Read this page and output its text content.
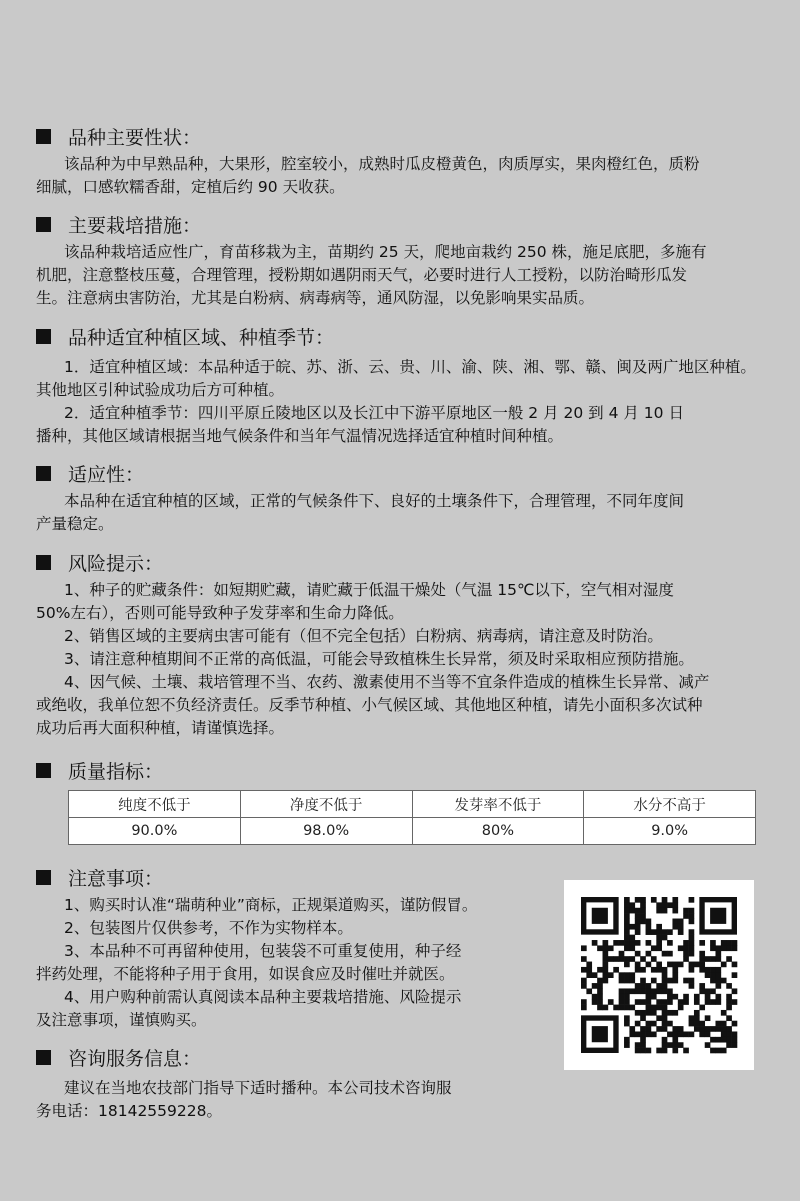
品种主要性状：

该品种为中早熟品种，大果形，腔室较小，成熟时瓜皮橙黄色，肉质厚实，果肉橙红色，质粉

细腻，口感软糯香甜，定植后约 90 天收获。

主要栽培措施：

该品种栽培适应性广，育苗移栽为主，苗期约 25 天，爬地亩栽约 250 株，施足底肥，多施有

机肥，注意整枝压蔓，合理管理，授粉期如遇阴雨天气，必要时进行人工授粉，以防治畸形瓜发

生。注意病虫害防治，尤其是白粉病、病毒病等，通风防湿，以免影响果实品质。

品种适宜种植区域、种植季节：

1．适宜种植区域：本品种适于皖、苏、浙、云、贵、川、渝、陕、湘、鄂、赣、闽及两广地区种植。

其他地区引种试验成功后方可种植。

2．适宜种植季节：四川平原丘陵地区以及长江中下游平原地区一般 2 月 20 到 4 月 10 日

播种，其他区域请根据当地气候条件和当年气温情况选择适宜种植时间种植。

适应性：

本品种在适宜种植的区域，正常的气候条件下、良好的土壤条件下，合理管理，不同年度间

产量稳定。

风险提示：

1、种子的贮藏条件：如短期贮藏，请贮藏于低温干燥处（气温 15℃以下，空气相对湿度

50%左右），否则可能导致种子发芽率和生命力降低。

2、销售区域的主要病虫害可能有（但不完全包括）白粉病、病毒病，请注意及时防治。

3、请注意种植期间不正常的高低温，可能会导致植株生长异常，须及时采取相应预防措施。

4、因气候、土壤、栽培管理不当、农药、激素使用不当等不宜条件造成的植株生长异常、减产

或绝收，我单位恕不负经济责任。反季节种植、小气候区域、其他地区种植，请先小面积多次试种

成功后再大面积种植，请谨慎选择。

质量指标：
纯度不低于	净度不低于	发芽率不低于	水分不高于
90.0%	98.0%	80%	9.0%
注意事项：

1、购买时认准“瑞萌种业”商标，正规渠道购买，谨防假冒。

2、包装图片仅供参考，不作为实物样本。

3、本品种不可再留种使用，包装袋不可重复使用，种子经

拌药处理，不能将种子用于食用，如误食应及时催吐并就医。

4、用户购种前需认真阅读本品种主要栽培措施、风险提示

及注意事项，谨慎购买。

咨询服务信息：

建议在当地农技部门指导下适时播种。本公司技术咨询服

务电话：18142559228。
